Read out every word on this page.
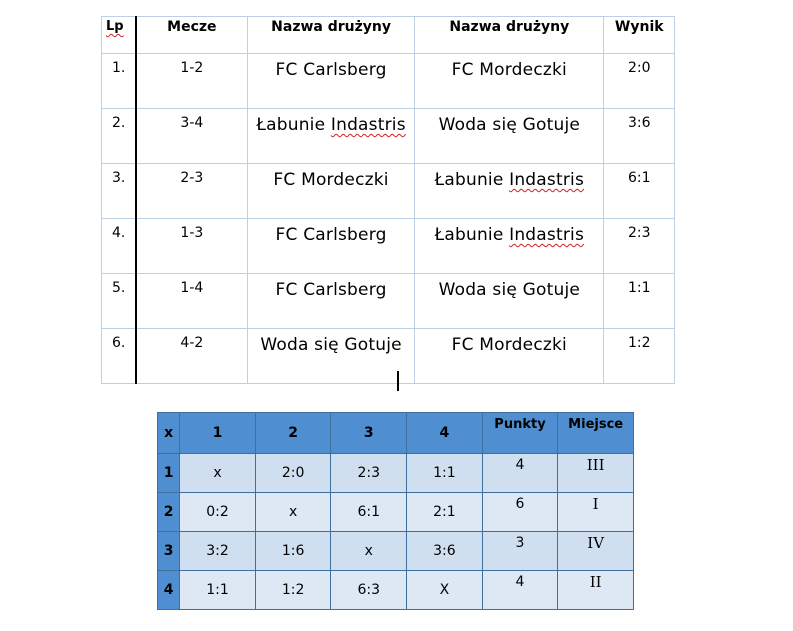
Lp	Mecze	Nazwa drużyny	Nazwa drużyny	Wynik
1.	1-2	FC Carlsberg	FC Mordeczki	2:0
2.	3-4	Łabunie Indastris	Woda się Gotuje	3:6
3.	2-3	FC Mordeczki	Łabunie Indastris	6:1
4.	1-3	FC Carlsberg	Łabunie Indastris	2:3
5.	1-4	FC Carlsberg	Woda się Gotuje	1:1
6.	4-2	Woda się Gotuje	FC Mordeczki	1:2
x	1	2	3	4	Punkty	Miejsce
1	x	2:0	2:3	1:1	4	III
2	0:2	x	6:1	2:1	6	I
3	3:2	1:6	x	3:6	3	IV
4	1:1	1:2	6:3	X	4	II
